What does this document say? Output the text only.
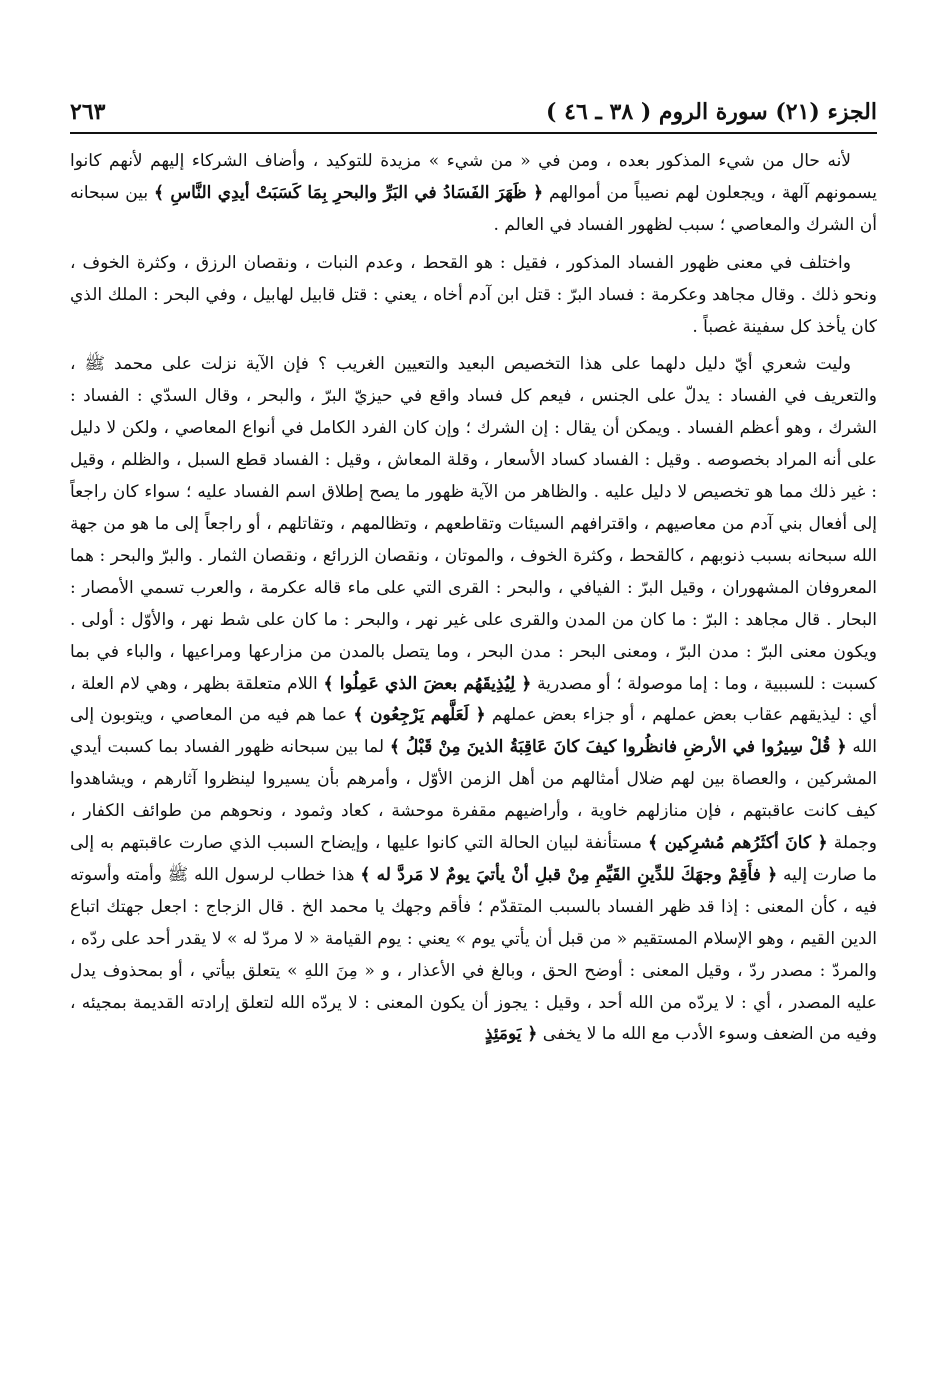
الجزء (٢١) سورة الروم ( ٣٨ ـ ٤٦ )
٢٦٣

لأنه حال من شيء المذكور بعده ، ومن في « من شيء » مزيدة للتوكيد ، وأضاف الشركاء إليهم لأنهم كانوا يسمونهم آلهة ، ويجعلون لهم نصيباً من أموالهم ﴿ ظَهَرَ الفَسَادُ في البَرِّ والبحرِ بِمَا كَسَبَتْ أيدِي النَّاسِ ﴾ بين سبحانه أن الشرك والمعاصي ؛ سبب لظهور الفساد في العالم .

واختلف في معنى ظهور الفساد المذكور ، فقيل : هو القحط ، وعدم النبات ، ونقصان الرزق ، وكثرة الخوف ، ونحو ذلك . وقال مجاهد وعكرمة : فساد البرّ : قتل ابن آدم أخاه ، يعني : قتل قابيل لهابيل ، وفي البحر : الملك الذي كان يأخذ كل سفينة غصباً .

وليت شعري أيّ دليل دلهما على هذا التخصيص البعيد والتعيين الغريب ؟ فإن الآية نزلت على محمد ﷺ ، والتعريف في الفساد : يدلّ على الجنس ، فيعم كل فساد واقع في حيزيّ البرّ ، والبحر ، وقال السدّي : الفساد : الشرك ، وهو أعظم الفساد . ويمكن أن يقال : إن الشرك ؛ وإن كان الفرد الكامل في أنواع المعاصي ، ولكن لا دليل على أنه المراد بخصوصه . وقيل : الفساد كساد الأسعار ، وقلة المعاش ، وقيل : الفساد قطع السبل ، والظلم ، وقيل : غير ذلك مما هو تخصيص لا دليل عليه . والظاهر من الآية ظهور ما يصح إطلاق اسم الفساد عليه ؛ سواء كان راجعاً إلى أفعال بني آدم من معاصيهم ، واقترافهم السيئات وتقاطعهم ، وتظالمهم ، وتقاتلهم ، أو راجعاً إلى ما هو من جهة الله سبحانه بسبب ذنوبهم ، كالقحط ، وكثرة الخوف ، والموتان ، ونقصان الزرائع ، ونقصان الثمار . والبرّ والبحر : هما المعروفان المشهوران ، وقيل البرّ : الفيافي ، والبحر : القرى التي على ماء قاله عكرمة ، والعرب تسمي الأمصار : البحار . قال مجاهد : البرّ : ما كان من المدن والقرى على غير نهر ، والبحر : ما كان على شط نهر ، والأوّل : أولى . ويكون معنى البرّ : مدن البرّ ، ومعنى البحر : مدن البحر ، وما يتصل بالمدن من مزارعها ومراعيها ، والباء في بما كسبت : للسببية ، وما : إما موصولة ؛ أو مصدرية ﴿ لِيُذِيقَهُم بعضَ الذي عَمِلُوا ﴾ اللام متعلقة بظهر ، وهي لام العلة ، أي : ليذيقهم عقاب بعض عملهم ، أو جزاء بعض عملهم ﴿ لَعَلَّهم يَرْجِعُون ﴾ عما هم فيه من المعاصي ، ويتوبون إلى الله ﴿ قُلْ سِيرُوا في الأرضِ فانظُروا كيفَ كانَ عَاقِبَةُ الذينَ مِنْ قَبْلُ ﴾ لما بين سبحانه ظهور الفساد بما كسبت أيدي المشركين ، والعصاة بين لهم ضلال أمثالهم من أهل الزمن الأوّل ، وأمرهم بأن يسيروا لينظروا آثارهم ، ويشاهدوا كيف كانت عاقبتهم ، فإن منازلهم خاوية ، وأراضيهم مقفرة موحشة ، كعاد وثمود ، ونحوهم من طوائف الكفار ، وجملة ﴿ كانَ أكثَرُهم مُشرِكين ﴾ مستأنفة لبيان الحالة التي كانوا عليها ، وإيضاح السبب الذي صارت عاقبتهم به إلى ما صارت إليه ﴿ فأَقِمْ وجهَكَ للدِّينِ القَيِّمِ مِنْ قبلِ أنْ يأتيَ يومٌ لا مَردَّ له ﴾ هذا خطاب لرسول الله ﷺ وأمته وأسوته فيه ، كأن المعنى : إذا قد ظهر الفساد بالسبب المتقدّم ؛ فأقم وجهك يا محمد الخ . قال الزجاج : اجعل جهتك اتباع الدين القيم ، وهو الإسلام المستقيم « من قبل أن يأتي يوم » يعني : يوم القيامة « لا مردّ له » لا يقدر أحد على ردّه ، والمردّ : مصدر ردّ ، وقيل المعنى : أوضح الحق ، وبالغ في الأعذار ، و « مِنَ اللهِ » يتعلق بيأتي ، أو بمحذوف يدل عليه المصدر ، أي : لا يردّه من الله أحد ، وقيل : يجوز أن يكون المعنى : لا يردّه الله لتعلق إرادته القديمة بمجيئه ، وفيه من الضعف وسوء الأدب مع الله ما لا يخفى ﴿ يَومَئِذٍ
